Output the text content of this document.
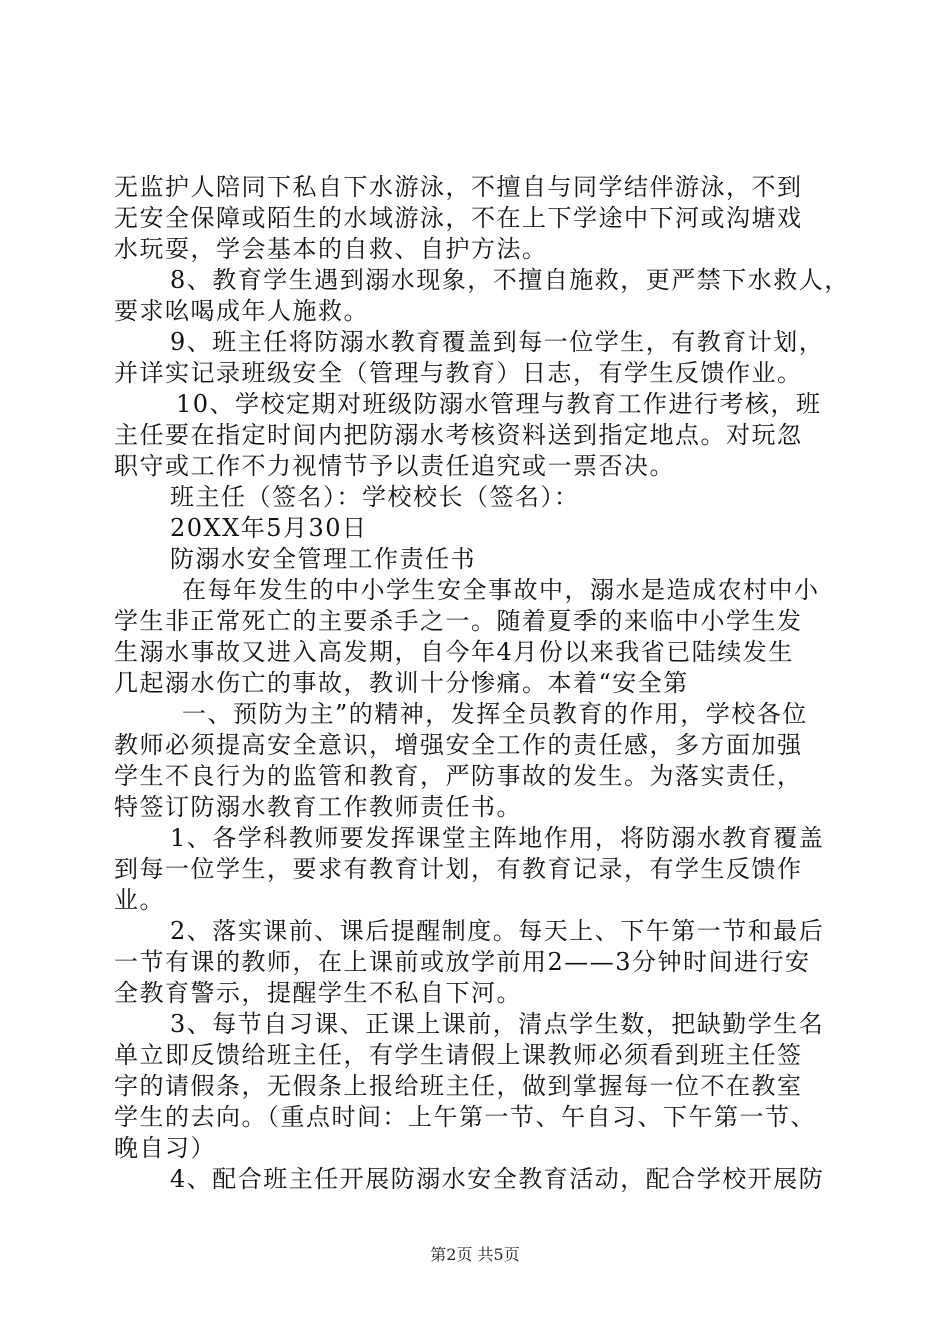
无监护人陪同下私自下水游泳，不擅自与同学结伴游泳，不到
无安全保障或陌生的水域游泳，不在上下学途中下河或沟塘戏
水玩耍，学会基本的自救、自护方法。
8、教育学生遇到溺水现象，不擅自施救，更严禁下水救人，
要求吆喝成年人施救。
9、班主任将防溺水教育覆盖到每一位学生，有教育计划，
并详实记录班级安全（管理与教育）日志，有学生反馈作业。
10、学校定期对班级防溺水管理与教育工作进行考核，班
主任要在指定时间内把防溺水考核资料送到指定地点。对玩忽
职守或工作不力视情节予以责任追究或一票否决。
班主任（签名）：学校校长（签名）：
20XX年5月30日
防溺水安全管理工作责任书
在每年发生的中小学生安全事故中，溺水是造成农村中小
学生非正常死亡的主要杀手之一。随着夏季的来临中小学生发
生溺水事故又进入高发期，自今年4月份以来我省已陆续发生
几起溺水伤亡的事故，教训十分惨痛。本着“安全第
一、预防为主”的精神，发挥全员教育的作用，学校各位
教师必须提高安全意识，增强安全工作的责任感，多方面加强
学生不良行为的监管和教育，严防事故的发生。为落实责任，
特签订防溺水教育工作教师责任书。
1、各学科教师要发挥课堂主阵地作用，将防溺水教育覆盖
到每一位学生，要求有教育计划，有教育记录，有学生反馈作
业。
2、落实课前、课后提醒制度。每天上、下午第一节和最后
一节有课的教师，在上课前或放学前用2——3分钟时间进行安
全教育警示，提醒学生不私自下河。
3、每节自习课、正课上课前，清点学生数，把缺勤学生名
单立即反馈给班主任，有学生请假上课教师必须看到班主任签
字的请假条，无假条上报给班主任，做到掌握每一位不在教室
学生的去向。（重点时间：上午第一节、午自习、下午第一节、
晚自习）
4、配合班主任开展防溺水安全教育活动，配合学校开展防
第2页 共5页
